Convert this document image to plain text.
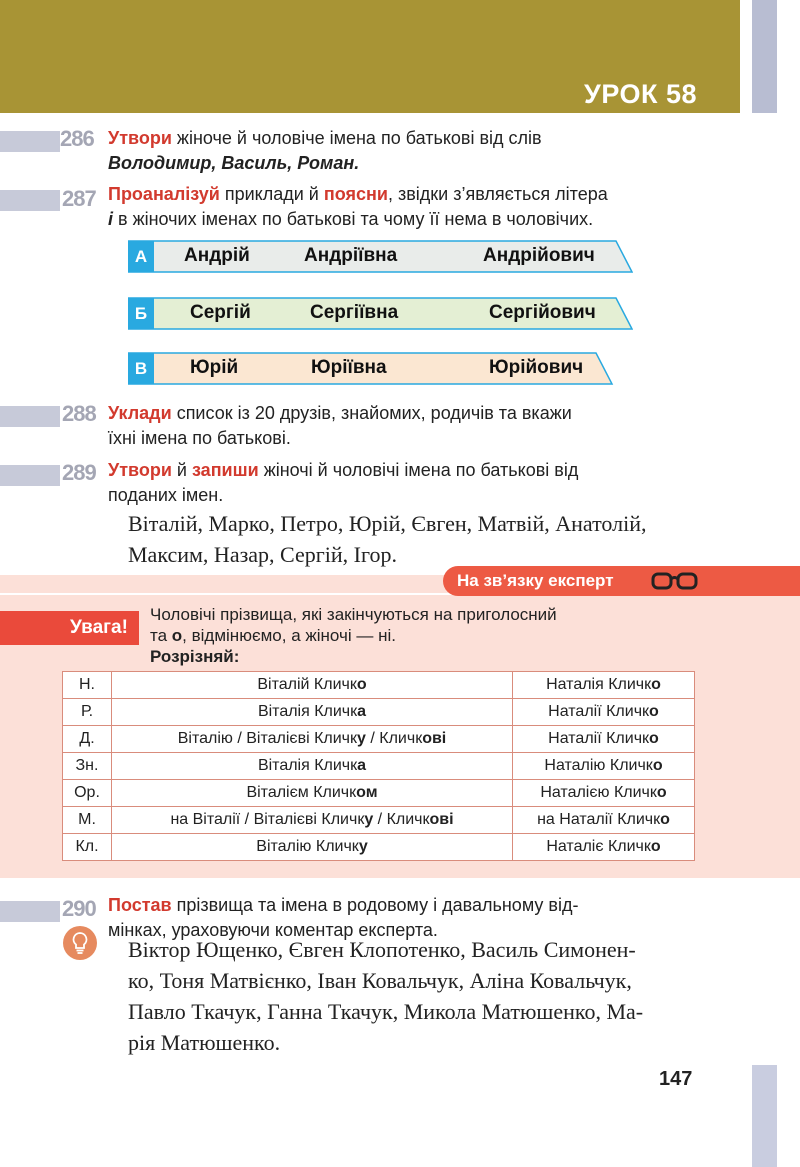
УРОК 58
286 Утвори жіноче й чоловіче імена по батькові від слів
Володимир, Василь, Роман.
287 Проаналізуй приклади й поясни, звідки з’являється літера
і в жіночих іменах по батькові та чому її нема в чоловічих.
А	Андрій	Андріївна	Андрійович
Б	Сергій	Сергіївна	Сергійович
В	Юрій	Юріївна	Юрійович
288 Уклади список із 20 друзів, знайомих, родичів та вкажи
їхні імена по батькові.
289 Утвори й запиши жіночі й чоловічі імена по батькові від
поданих імен.
Віталій, Марко, Петро, Юрій, Євген, Матвій, Анатолій,
Максим, Назар, Сергій, Ігор.
На зв’язку експерт
Увага!
Чоловічі прізвища, які закінчуються на приголосний
та о, відмінюємо, а жіночі — ні.
Розрізняй:
Н.	Віталій Кличко	Наталія Кличко
Р.	Віталія Кличка	Наталії Кличко
Д.	Віталію / Віталієві Кличку / Кличкові	Наталії Кличко
Зн.	Віталія Кличка	Наталію Кличко
Ор.	Віталієм Кличком	Наталією Кличко
М.	на Віталії / Віталієві Кличку / Кличкові	на Наталії Кличко
Кл.	Віталію Кличку	Наталіє Кличко
290 Постав прізвища та імена в родовому і давальному від-
мінках, ураховуючи коментар експерта.
Віктор Ющенко, Євген Клопотенко, Василь Симонен-
ко, Тоня Матвієнко, Іван Ковальчук, Аліна Ковальчук,
Павло Ткачук, Ганна Ткачук, Микола Матюшенко, Ма-
рія Матюшенко.
147
